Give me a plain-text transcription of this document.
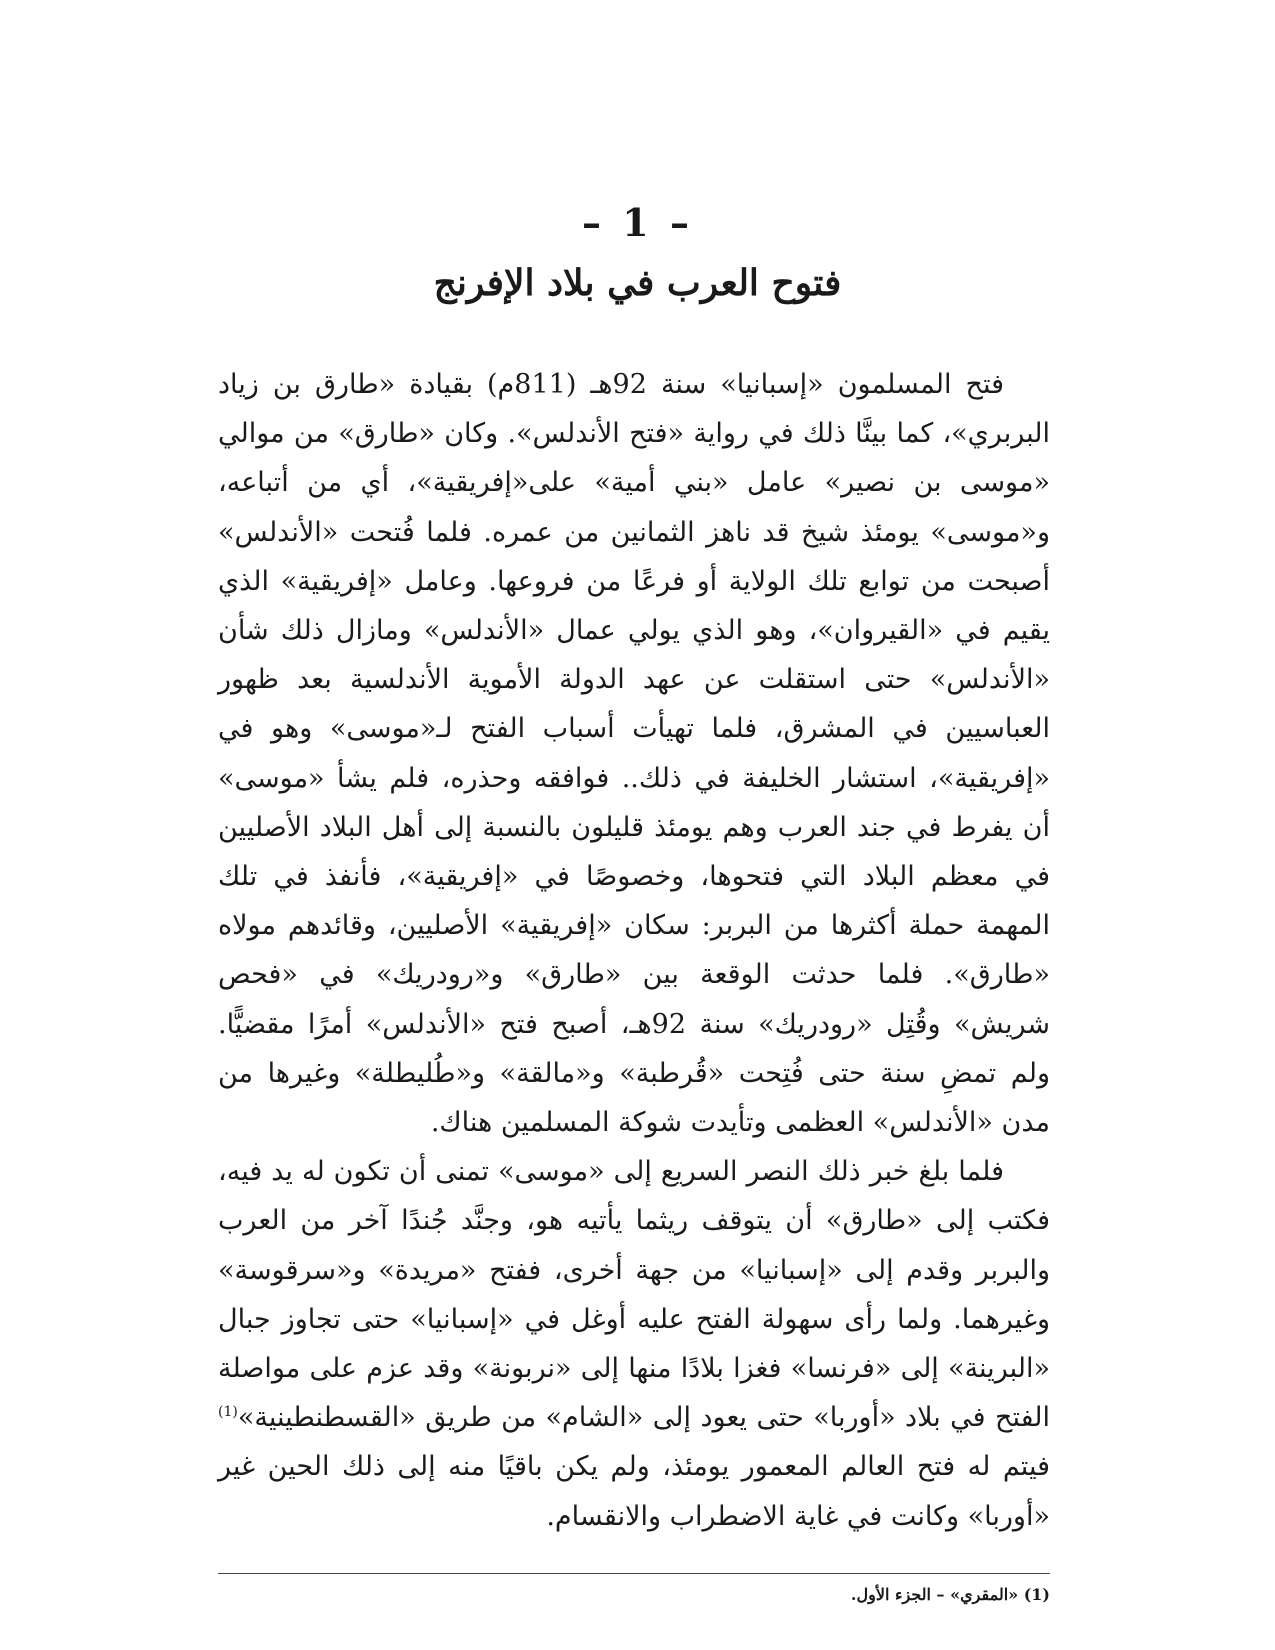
– 1 –
فتوح العرب في بلاد الإفرنج

فتح المسلمون «إسبانيا» سنة 92هـ (811م) بقيادة «طارق بن زياد البربري»، كما بينَّا ذلك في رواية «فتح الأندلس». وكان «طارق» من موالي «موسى بن نصير» عامل «بني أمية» على«إفريقية»، أي من أتباعه، و«موسى» يومئذ شيخ قد ناهز الثمانين من عمره. فلما فُتحت «الأندلس» أصبحت من توابع تلك الولاية أو فرعًا من فروعها. وعامل «إفريقية» الذي يقيم في «القيروان»، وهو الذي يولي عمال «الأندلس» ومازال ذلك شأن «الأندلس» حتى استقلت عن عهد الدولة الأموية الأندلسية بعد ظهور العباسيين في المشرق، فلما تهيأت أسباب الفتح لـ«موسى» وهو في «إفريقية»، استشار الخليفة في ذلك.. فوافقه وحذره، فلم يشأ «موسى» أن يفرط في جند العرب وهم يومئذ قليلون بالنسبة إلى أهل البلاد الأصليين في معظم البلاد التي فتحوها، وخصوصًا في «إفريقية»، فأنفذ في تلك المهمة حملة أكثرها من البربر: سكان «إفريقية» الأصليين، وقائدهم مولاه «طارق». فلما حدثت الوقعة بين «طارق» و«رودريك» في «فحص شريش» وقُتِل «رودريك» سنة 92هـ، أصبح فتح «الأندلس» أمرًا مقضيًّا. ولم تمضِ سنة حتى فُتِحت «قُرطبة» و«مالقة» و«طُليطلة» وغيرها من مدن «الأندلس» العظمى وتأيدت شوكة المسلمين هناك.

فلما بلغ خبر ذلك النصر السريع إلى «موسى» تمنى أن تكون له يد فيه، فكتب إلى «طارق» أن يتوقف ريثما يأتيه هو، وجنَّد جُندًا آخر من العرب والبربر وقدم إلى «إسبانيا» من جهة أخرى، ففتح «مريدة» و«سرقوسة» وغيرهما. ولما رأى سهولة الفتح عليه أوغل في «إسبانيا» حتى تجاوز جبال «البرينة» إلى «فرنسا» فغزا بلادًا منها إلى «نربونة» وقد عزم على مواصلة الفتح في بلاد «أوربا» حتى يعود إلى «الشام» من طريق «القسطنطينية»$^{(1)}$ فيتم له فتح العالم المعمور يومئذ، ولم يكن باقيًا منه إلى ذلك الحين غير «أوربا» وكانت في غاية الاضطراب والانقسام.

(1) «المقري» – الجزء الأول.
